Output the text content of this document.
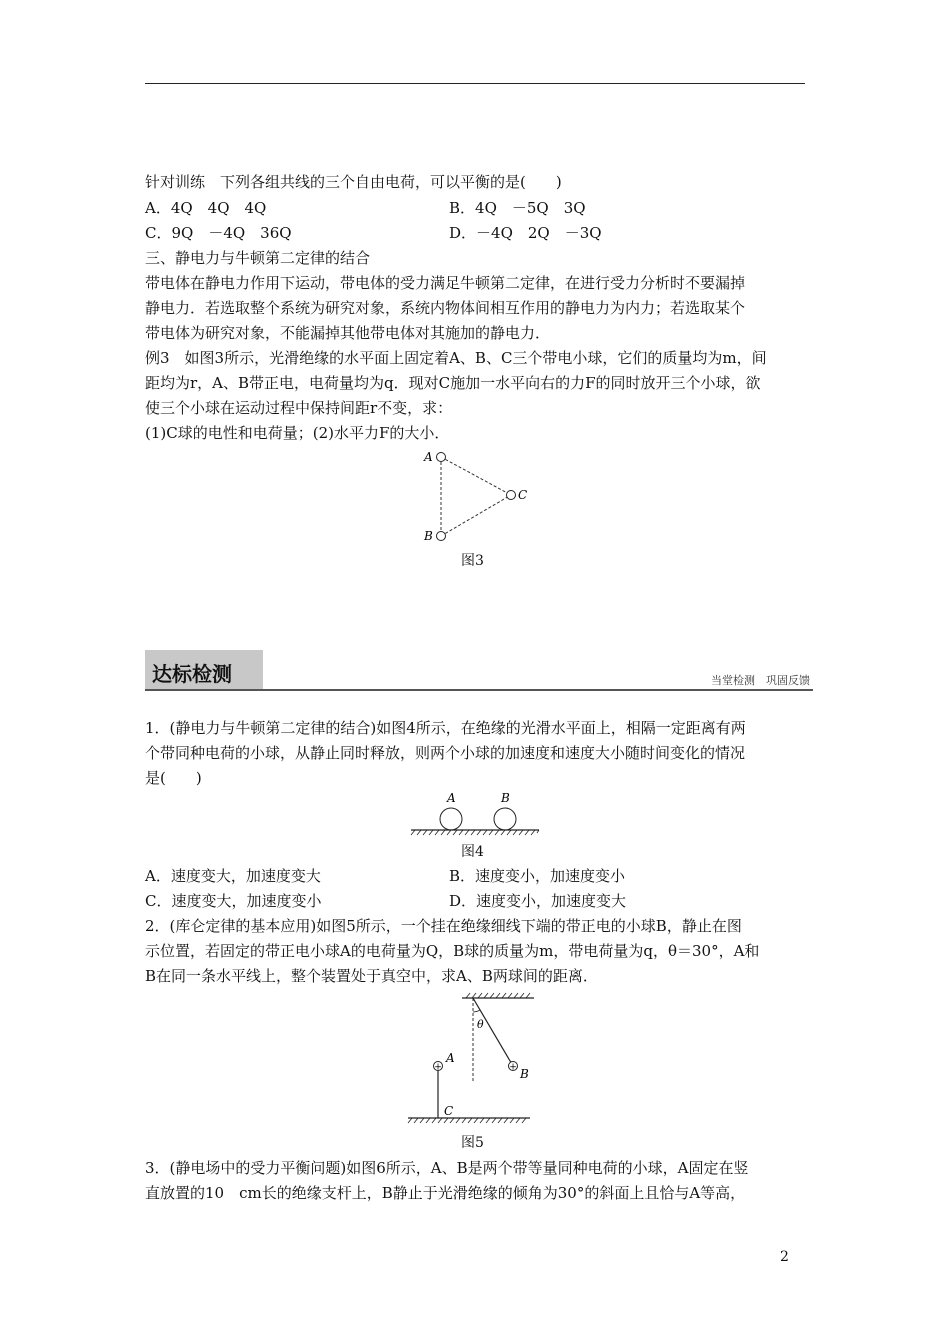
针对训练　下列各组共线的三个自由电荷，可以平衡的是(　　)
A．4Q　4Q　4Q	B．4Q　－5Q　3Q
C．9Q　－4Q　36Q	D．－4Q　2Q　－3Q
三、静电力与牛顿第二定律的结合
带电体在静电力作用下运动，带电体的受力满足牛顿第二定律，在进行受力分析时不要漏掉
静电力．若选取整个系统为研究对象，系统内物体间相互作用的静电力为内力；若选取某个
带电体为研究对象，不能漏掉其他带电体对其施加的静电力．
例3　如图3所示，光滑绝缘的水平面上固定着A、B、C三个带电小球，它们的质量均为m，间
距均为r，A、B带正电，电荷量均为q．现对C施加一水平向右的力F的同时放开三个小球，欲
使三个小球在运动过程中保持间距r不变，求：
(1)C球的电性和电荷量；(2)水平力F的大小．
A
B
C
图3
达标检测	当堂检测　巩固反馈
1．(静电力与牛顿第二定律的结合)如图4所示，在绝缘的光滑水平面上，相隔一定距离有两
个带同种电荷的小球，从静止同时释放，则两个小球的加速度和速度大小随时间变化的情况
是(　　)
A	B
图4
A．速度变大，加速度变大	B．速度变小，加速度变小
C．速度变大，加速度变小	D．速度变小，加速度变大
2．(库仑定律的基本应用)如图5所示，一个挂在绝缘细线下端的带正电的小球B，静止在图
示位置，若固定的带正电小球A的电荷量为Q，B球的质量为m，带电荷量为q，θ＝30°，A和
B在同一条水平线上，整个装置处于真空中，求A、B两球间的距离．
θ
+ B
+
A
C
图5
3．(静电场中的受力平衡问题)如图6所示，A、B是两个带等量同种电荷的小球，A固定在竖
直放置的10　cm长的绝缘支杆上，B静止于光滑绝缘的倾角为30°的斜面上且恰与A等高，
2
